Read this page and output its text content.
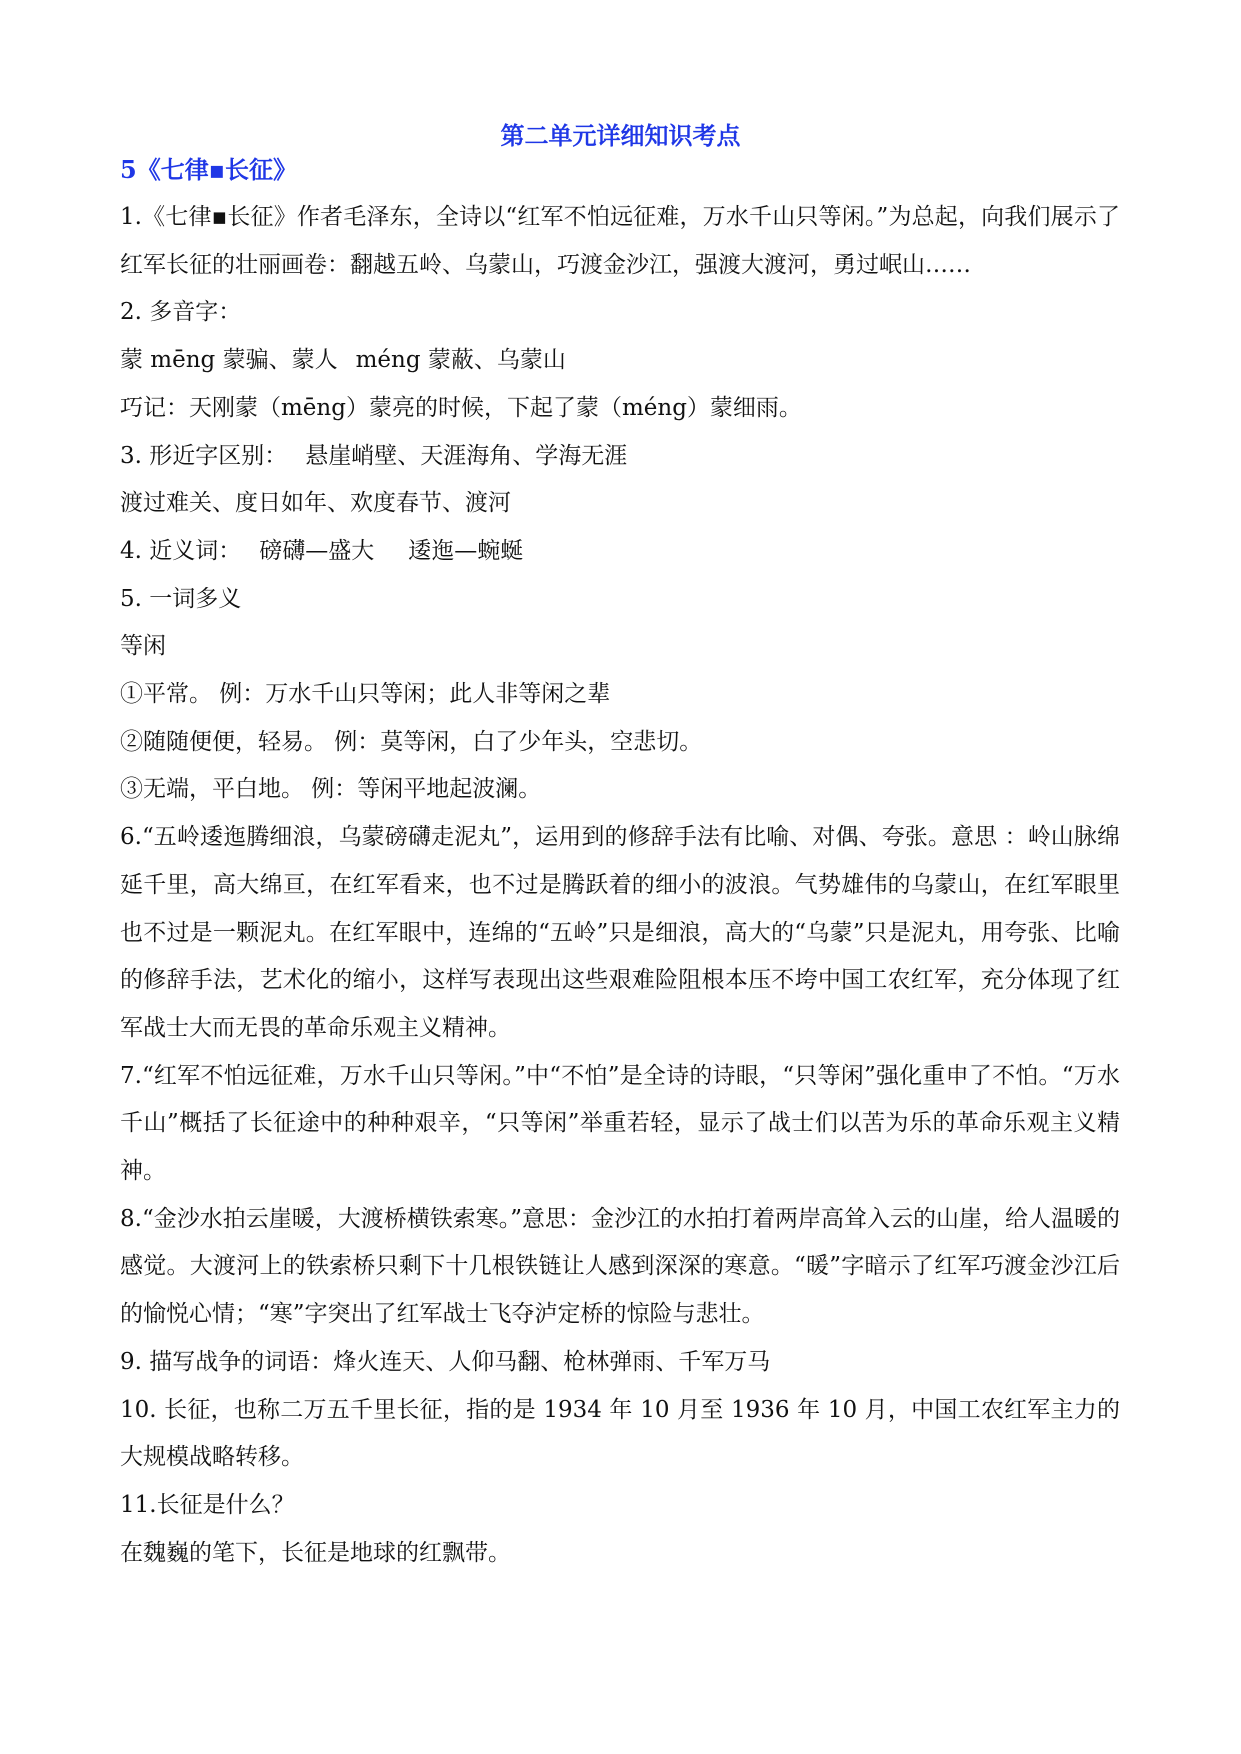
第二单元详细知识考点
5《七律▪长征》
1.《七律▪长征》作者毛泽东，全诗以“红军不怕远征难，万水千山只等闲。”为总起，向我们展示了红军长征的壮丽画卷：翻越五岭、乌蒙山，巧渡金沙江，强渡大渡河，勇过岷山……
2. 多音字：
蒙 mēng 蒙骗、蒙人 méng 蒙蔽、乌蒙山
巧记：天刚蒙（mēng）蒙亮的时候，下起了蒙（méng）蒙细雨。
3. 形近字区别： 悬崖峭壁、天涯海角、学海无涯
渡过难关、度日如年、欢度春节、渡河
4. 近义词： 磅礴—盛大 逶迤—蜿蜒
5. 一词多义
等闲
①平常。 例：万水千山只等闲；此人非等闲之辈
②随随便便，轻易。 例：莫等闲，白了少年头，空悲切。
③无端，平白地。 例：等闲平地起波澜。
6.“五岭逶迤腾细浪，乌蒙磅礴走泥丸”，运用到的修辞手法有比喻、对偶、夸张。意思 ：岭山脉绵延千里，高大绵亘，在红军看来，也不过是腾跃着的细小的波浪。气势雄伟的乌蒙山，在红军眼里也不过是一颗泥丸。在红军眼中，连绵的“五岭”只是细浪，高大的“乌蒙”只是泥丸，用夸张、比喻的修辞手法，艺术化的缩小，这样写表现出这些艰难险阻根本压不垮中国工农红军，充分体现了红军战士大而无畏的革命乐观主义精神。
7.“红军不怕远征难，万水千山只等闲。”中“不怕”是全诗的诗眼，“只等闲”强化重申了不怕。“万水千山”概括了长征途中的种种艰辛，“只等闲”举重若轻，显示了战士们以苦为乐的革命乐观主义精神。
8.“金沙水拍云崖暖，大渡桥横铁索寒。”意思：金沙江的水拍打着两岸高耸入云的山崖，给人温暖的感觉。大渡河上的铁索桥只剩下十几根铁链让人感到深深的寒意。“暖”字暗示了红军巧渡金沙江后的愉悦心情；“寒”字突出了红军战士飞夺泸定桥的惊险与悲壮。
9. 描写战争的词语：烽火连天、人仰马翻、枪林弹雨、千军万马
10. 长征，也称二万五千里长征，指的是 1934 年 10 月至 1936 年 10 月，中国工农红军主力的大规模战略转移。
11.长征是什么？
在魏巍的笔下，长征是地球的红飘带。
